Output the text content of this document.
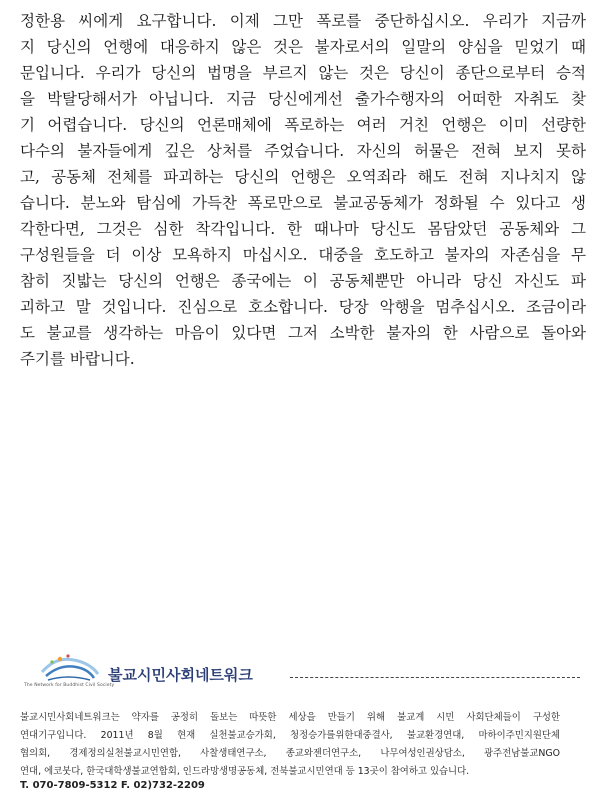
정한용 씨에게 요구합니다. 이제 그만 폭로를 중단하십시오. 우리가 지금까
지 당신의 언행에 대응하지 않은 것은 불자로서의 일말의 양심을 믿었기 때
문입니다. 우리가 당신의 법명을 부르지 않는 것은 당신이 종단으로부터 승적
을 박탈당해서가 아닙니다. 지금 당신에게선 출가수행자의 어떠한 자취도 찾
기 어렵습니다. 당신의 언론매체에 폭로하는 여러 거친 언행은 이미 선량한
다수의 불자들에게 깊은 상처를 주었습니다. 자신의 허물은 전혀 보지 못하
고, 공동체 전체를 파괴하는 당신의 언행은 오역죄라 해도 전혀 지나치지 않
습니다. 분노와 탐심에 가득찬 폭로만으로 불교공동체가 정화될 수 있다고 생
각한다면, 그것은 심한 착각입니다. 한 때나마 당신도 몸담았던 공동체와 그
구성원들을 더 이상 모욕하지 마십시오. 대중을 호도하고 불자의 자존심을 무
참히 짓밟는 당신의 언행은 종국에는 이 공동체뿐만 아니라 당신 자신도 파
괴하고 말 것입니다. 진심으로 호소합니다. 당장 악행을 멈추십시오. 조금이라
도 불교를 생각하는 마음이 있다면 그저 소박한 불자의 한 사람으로 돌아와
주기를 바랍니다.
The Network for Buddhist Civil Society
불교시민사회네트워크
불교시민사회네트워크는 약자를 공정히 돌보는 따뜻한 세상을 만들기 위해 불교계 시민 사회단체들이 구성한
연대기구입니다. 2011년 8월 현재 실천불교승가회, 청정승가를위한대중결사, 불교환경연대, 마하이주민지원단체
협의회, 경제정의실천불교시민연합, 사찰생태연구소, 종교와젠더연구소, 나무여성인권상담소, 광주전남불교NGO
연대, 에코붓다, 한국대학생불교연합회, 인드라망생명공동체, 전북불교시민연대 등 13곳이 참여하고 있습니다.
T. 070-7809-5312 F. 02)732-2209
